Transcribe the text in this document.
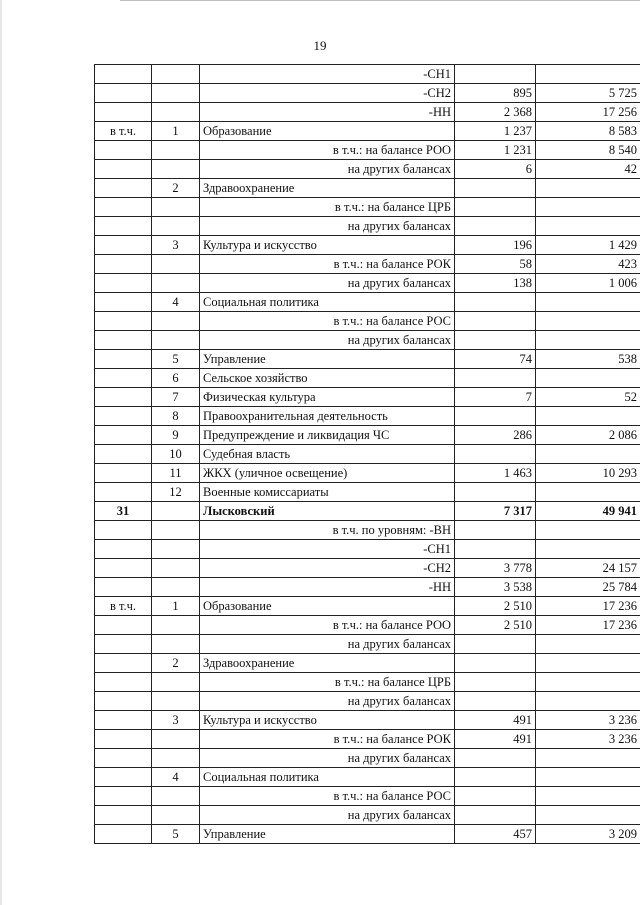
19
		-СН1		
		-СН2	895	5 725
		-НН	2 368	17 256
в т.ч.	1	Образование	1 237	8 583
		в т.ч.: на балансе РОО	1 231	8 540
		на других балансах	6	42
	2	Здравоохранение		
		в т.ч.: на балансе ЦРБ		
		на других балансах		
	3	Культура и искусство	196	1 429
		в т.ч.: на балансе РОК	58	423
		на других балансах	138	1 006
	4	Социальная политика		
		в т.ч.: на балансе РОС		
		на других балансах		
	5	Управление	74	538
	6	Сельское хозяйство		
	7	Физическая культура	7	52
	8	Правоохранительная деятельность		
	9	Предупреждение и ликвидация ЧС	286	2 086
	10	Судебная власть		
	11	ЖКХ (уличное освещение)	1 463	10 293
	12	Военные комиссариаты		
31		Лысковский	7 317	49 941
		в т.ч. по уровням: -ВН		
		-СН1		
		-СН2	3 778	24 157
		-НН	3 538	25 784
в т.ч.	1	Образование	2 510	17 236
		в т.ч.: на балансе РОО	2 510	17 236
		на других балансах		
	2	Здравоохранение		
		в т.ч.: на балансе ЦРБ		
		на других балансах		
	3	Культура и искусство	491	3 236
		в т.ч.: на балансе РОК	491	3 236
		на других балансах		
	4	Социальная политика		
		в т.ч.: на балансе РОС		
		на других балансах		
	5	Управление	457	3 209
